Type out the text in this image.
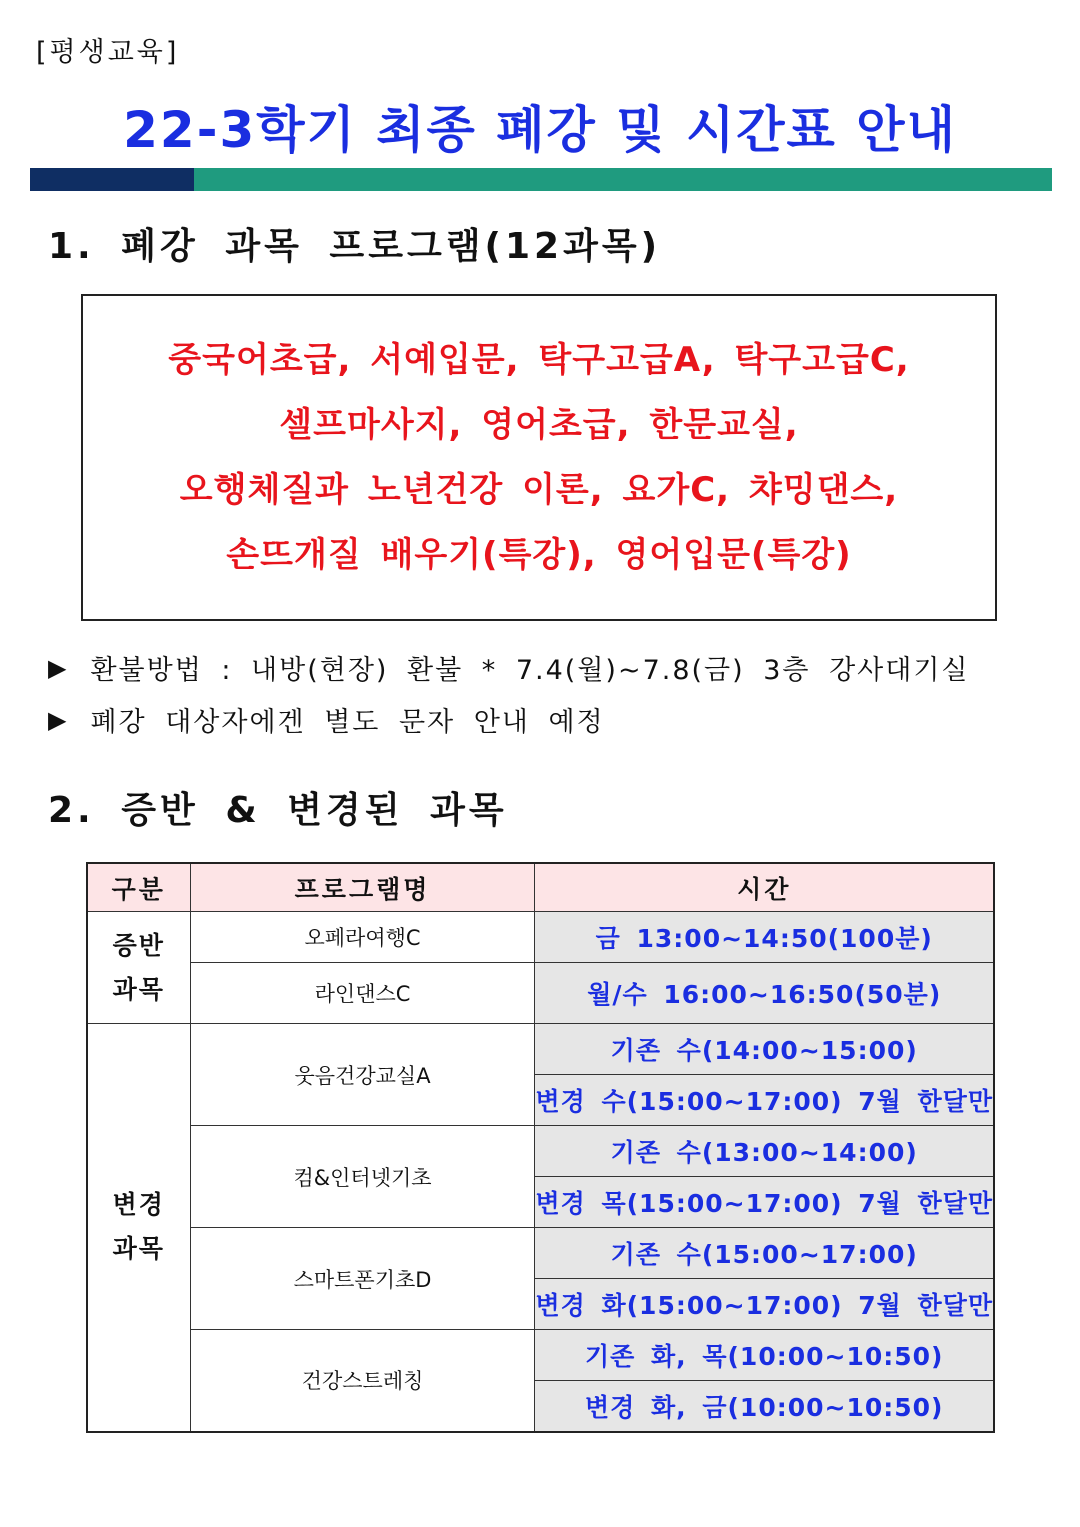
[평생교육]
22-3학기 최종 폐강 및 시간표 안내
1. 폐강 과목 프로그램(12과목)
중국어초급, 서예입문, 탁구고급A, 탁구고급C,
셀프마사지, 영어초급, 한문교실,
오행체질과 노년건강 이론, 요가C, 챠밍댄스,
손뜨개질 배우기(특강), 영어입문(특강)
▶ 환불방법 : 내방(현장) 환불 * 7.4(월)~7.8(금) 3층 강사대기실
▶ 폐강 대상자에겐 별도 문자 안내 예정
2. 증반 & 변경된 과목
구분	프로그램명	시간

증반
과목	오페라여행C	금 13:00~14:50(100분)
	라인댄스C	월/수 16:00~16:50(50분)

변경
과목	웃음건강교실A	기존 수(14:00~15:00)
		변경 수(15:00~17:00) 7월 한달만
	컴&인터넷기초	기존 수(13:00~14:00)
		변경 목(15:00~17:00) 7월 한달만
	스마트폰기초D	기존 수(15:00~17:00)
		변경 화(15:00~17:00) 7월 한달만
	건강스트레칭	기존 화, 목(10:00~10:50)
		변경 화, 금(10:00~10:50)
